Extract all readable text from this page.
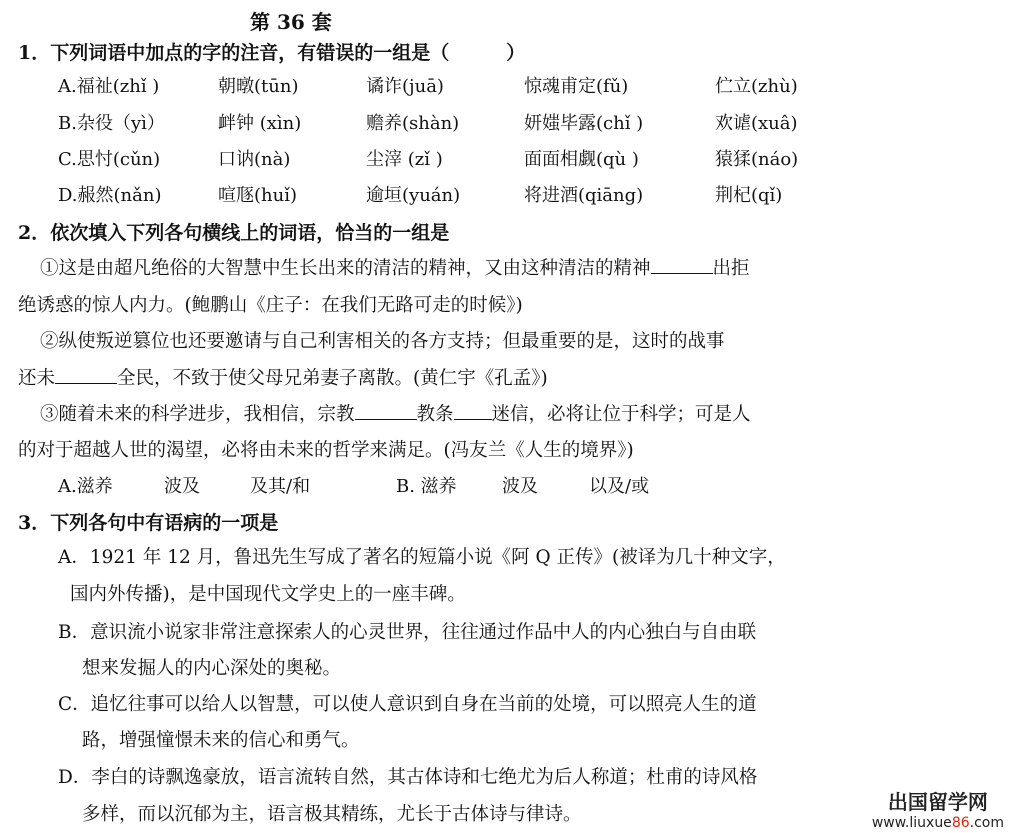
第 36 套
1．下列词语中加点的字的注音，有错误的一组是（　　　）
A.福祉(zhǐ )	朝暾(tūn)	谲诈(juā)	惊魂甫定(fǔ)	伫立(zhù)
B.杂役（yì）	衅钟 (xìn)	赡养(shàn)	妍媸毕露(chǐ )	欢谑(xuâ)
C.思忖(cǔn)	口讷(nà)	尘滓 (zǐ )	面面相觑(qù )	猿猱(náo)
D.赧然(nǎn)	喧豗(huǐ)	逾垣(yuán)	将进酒(qiāng)	荆杞(qǐ)
2．依次填入下列各句横线上的词语，恰当的一组是
①这是由超凡绝俗的大智慧中生长出来的清洁的精神，又由这种清洁的精神	出拒
绝诱惑的惊人内力。(鲍鹏山《庄子：在我们无路可走的时候》)
②纵使叛逆篡位也还要邀请与自己利害相关的各方支持；但最重要的是，这时的战事
还未	全民，不致于使父母兄弟妻子离散。(黄仁宇《孔孟》)
③随着未来的科学进步，我相信，宗教	教条 迷信，必将让位于科学；可是人
的对于超越人世的渴望，必将由未来的哲学来满足。(冯友兰《人生的境界》)
A.滋养	波及	及其/和	B. 滋养	波及	以及/或
3．下列各句中有语病的一项是
A．1921 年 12 月，鲁迅先生写成了著名的短篇小说《阿 Q 正传》(被译为几十种文字，
国内外传播)，是中国现代文学史上的一座丰碑。
B．意识流小说家非常注意探索人的心灵世界，往往通过作品中人的内心独白与自由联
想来发掘人的内心深处的奥秘。
C．追忆往事可以给人以智慧，可以使人意识到自身在当前的处境，可以照亮人生的道
路，增强憧憬未来的信心和勇气。
D．李白的诗飘逸豪放，语言流转自然，其古体诗和七绝尤为后人称道；杜甫的诗风格
多样，而以沉郁为主，语言极其精练，尤长于古体诗与律诗。
出国留学网
www.liuxue86.com
